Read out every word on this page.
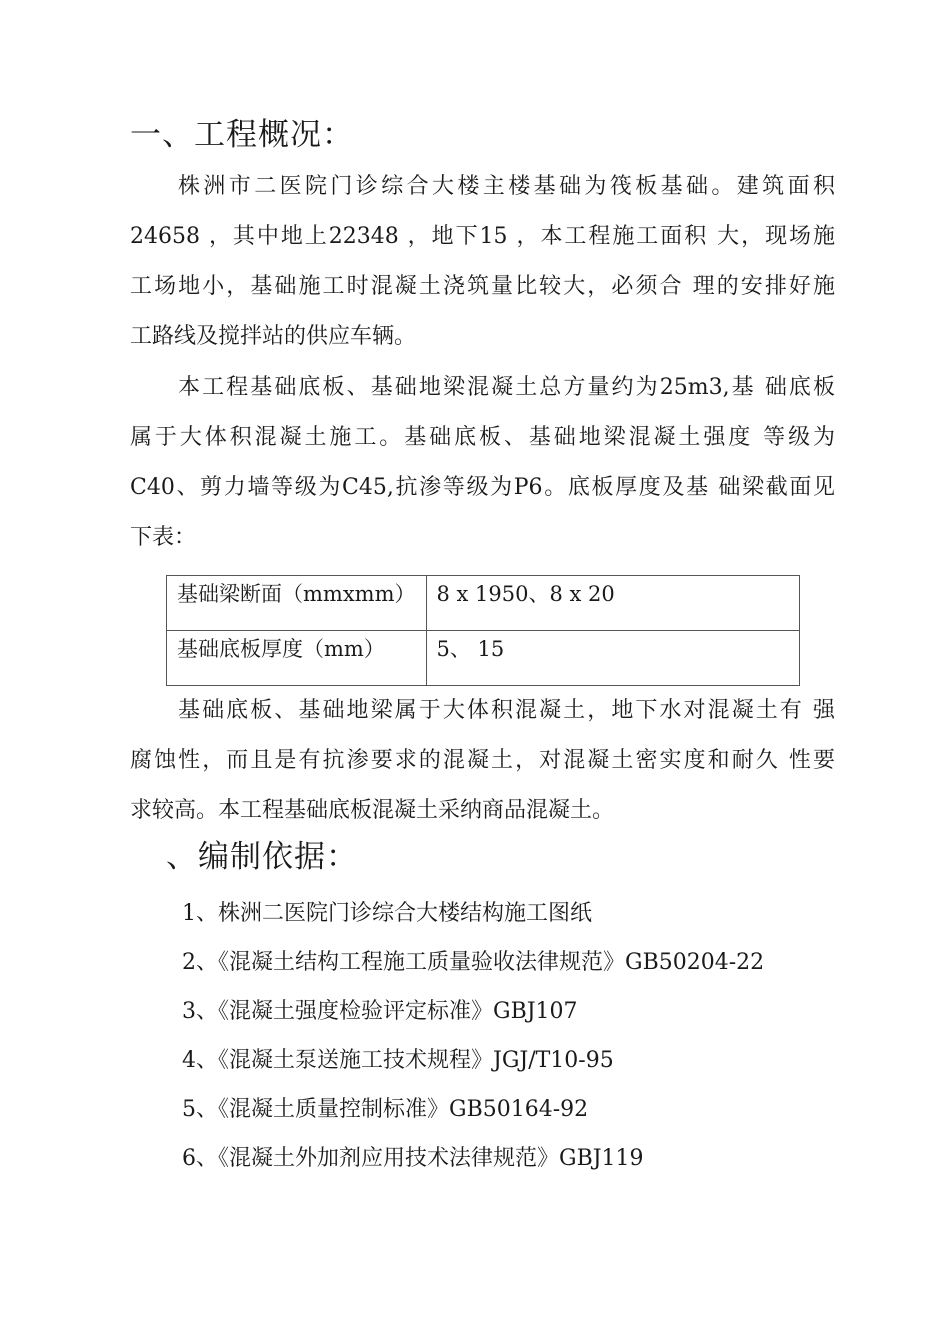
一、工程概况：
株洲市二医院门诊综合大楼主楼基础为筏板基础。建筑面积
24658 ，其中地上22348 ，地下15 ，本工程施工面积 大，现场施
工场地小，基础施工时混凝土浇筑量比较大，必须合 理的安排好施
工路线及搅拌站的供应车辆。
本工程基础底板、基础地梁混凝土总方量约为25m3,基 础底板
属于大体积混凝土施工。基础底板、基础地梁混凝土强度 等级为
C40、剪力墙等级为C45,抗渗等级为P6。底板厚度及基 础梁截面见
下表：
基础梁断面（mmxmm）	8 x 1950、8 x 20
基础底板厚度（mm）	5、 15
基础底板、基础地梁属于大体积混凝土，地下水对混凝土有 强
腐蚀性，而且是有抗渗要求的混凝土，对混凝土密实度和耐久 性要
求较高。本工程基础底板混凝土采纳商品混凝土。
、编制依据：
1、株洲二医院门诊综合大楼结构施工图纸
2、《混凝土结构工程施工质量验收法律规范》GB50204-22
3、《混凝土强度检验评定标准》GBJ107
4、《混凝土泵送施工技术规程》JGJ/T10-95
5、《混凝土质量控制标准》GB50164-92
6、《混凝土外加剂应用技术法律规范》GBJ119
